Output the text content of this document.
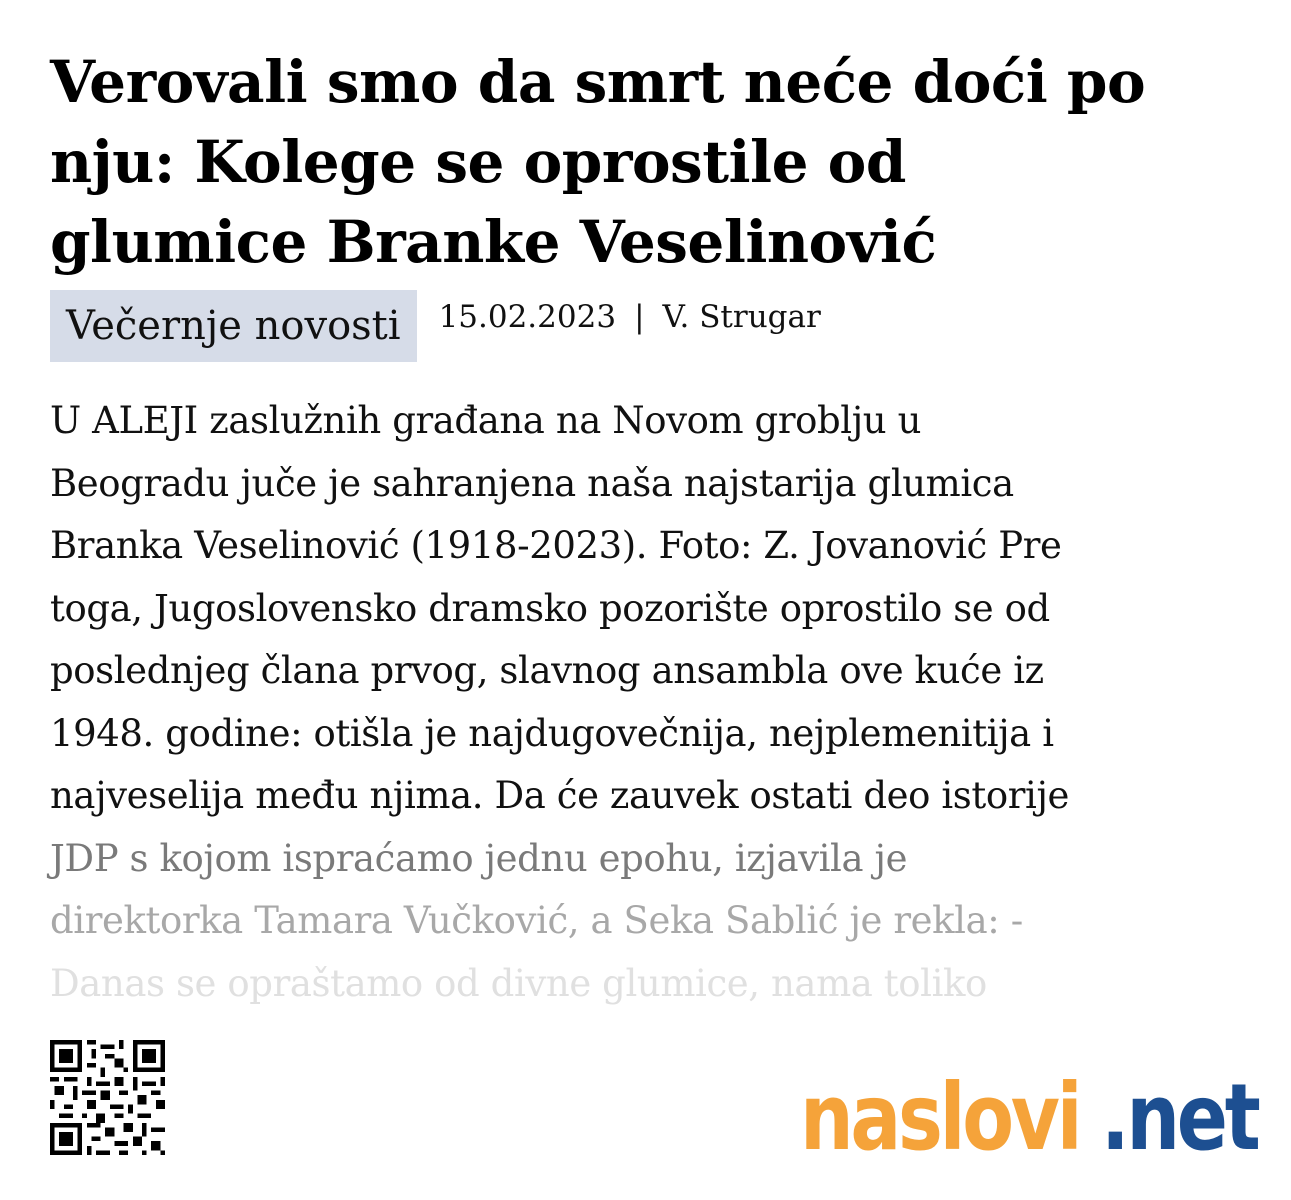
Verovali smo da smrt neće doći po nju: Kolege se oprostile od glumice Branke Veselinović
Večernje novosti	15.02.2023 | V. Strugar
U ALEJI zaslužnih građana na Novom groblju u
Beogradu juče je sahranjena naša najstarija glumica
Branka Veselinović (1918-2023). Foto: Z. Jovanović Pre
toga, Jugoslovensko dramsko pozorište oprostilo se od
poslednjeg člana prvog, slavnog ansambla ove kuće iz
1948. godine: otišla je najdugovečnija, nejplemenitija i
najveselija među njima. Da će zauvek ostati deo istorije
JDP s kojom ispraćamo jednu epohu, izjavila je
direktorka Tamara Vučković, a Seka Sablić je rekla: -
Danas se opraštamo od divne glumice, nama toliko
naslovi .net
